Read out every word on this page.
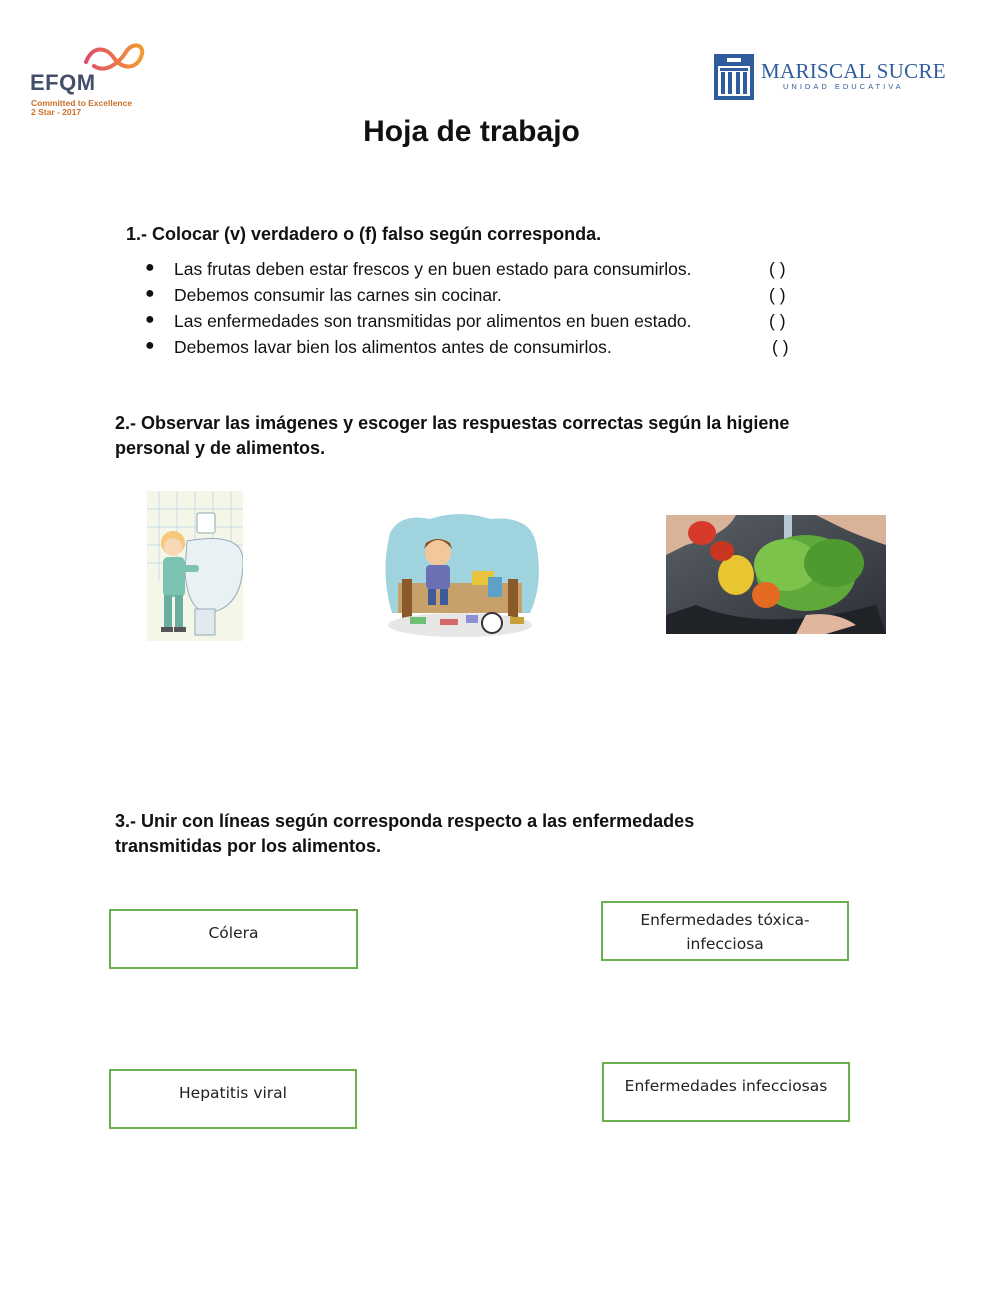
EFQM
Committed to Excellence
2 Star - 2017
MARISCAL SUCRE
UNIDAD EDUCATIVA
Hoja de trabajo
1.- Colocar (v) verdadero o (f) falso según corresponda.
● Las frutas deben estar frescos y en buen estado para consumirlos.	( )
● Debemos consumir las carnes sin cocinar.	( )
● Las enfermedades son transmitidas por alimentos en buen estado.	( )
● Debemos lavar bien los alimentos antes de consumirlos.	( )
2.- Observar las imágenes y escoger las respuestas correctas según la higiene
personal y de alimentos.
3.- Unir con líneas según corresponda respecto a las enfermedades
transmitidas por los alimentos.
Cólera
Enfermedades tóxica-
infecciosa
Hepatitis viral	Enfermedades infecciosas
